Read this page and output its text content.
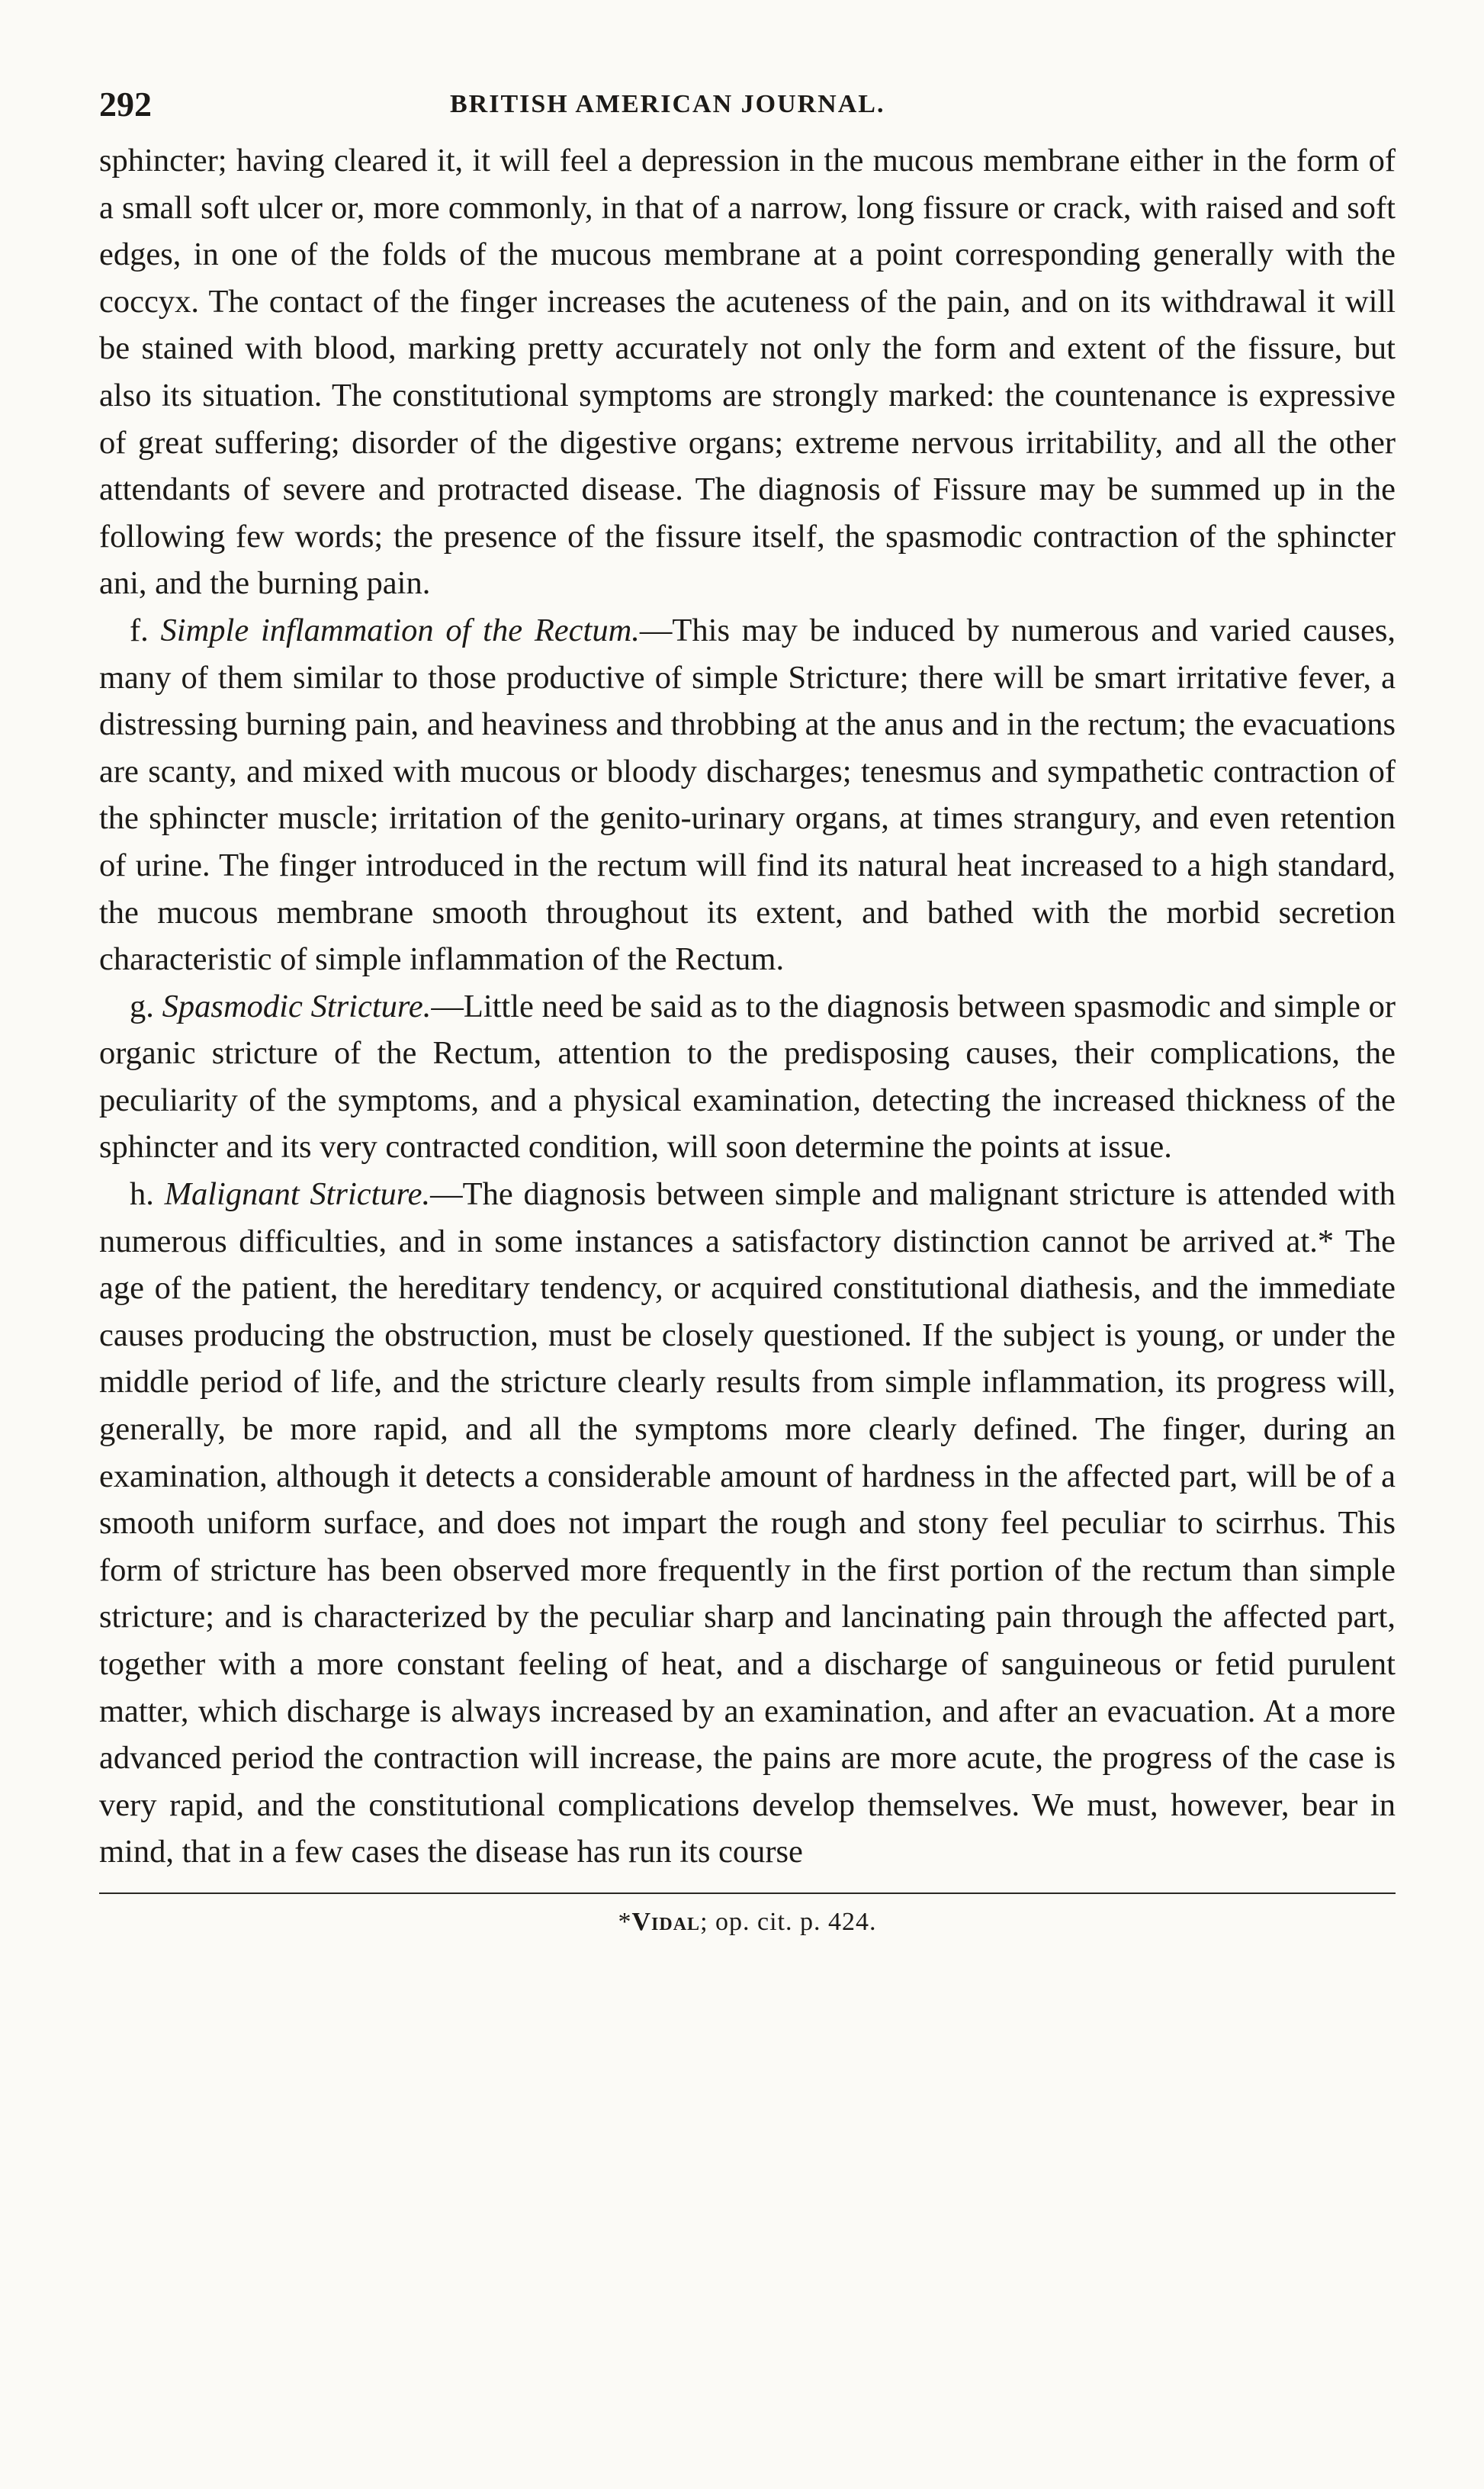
292	BRITISH AMERICAN JOURNAL.

sphincter; having cleared it, it will feel a depression in the mucous membrane either in the form of a small soft ulcer or, more commonly, in that of a narrow, long fissure or crack, with raised and soft edges, in one of the folds of the mucous membrane at a point corresponding generally with the coccyx. The contact of the finger increases the acuteness of the pain, and on its withdrawal it will be stained with blood, marking pretty accurately not only the form and extent of the fissure, but also its situation. The constitutional symptoms are strongly marked: the countenance is expressive of great suffering; disorder of the digestive organs; extreme nervous irritability, and all the other attendants of severe and protracted disease. The diagnosis of Fissure may be summed up in the following few words; the presence of the fissure itself, the spasmodic contraction of the sphincter ani, and the burning pain.

f. Simple inflammation of the Rectum.—This may be induced by numerous and varied causes, many of them similar to those productive of simple Stricture; there will be smart irritative fever, a distressing burning pain, and heaviness and throbbing at the anus and in the rectum; the evacuations are scanty, and mixed with mucous or bloody discharges; tenesmus and sympathetic contraction of the sphincter muscle; irritation of the genito-urinary organs, at times strangury, and even retention of urine. The finger introduced in the rectum will find its natural heat increased to a high standard, the mucous membrane smooth throughout its extent, and bathed with the morbid secretion characteristic of simple inflammation of the Rectum.

g. Spasmodic Stricture.—Little need be said as to the diagnosis between spasmodic and simple or organic stricture of the Rectum, attention to the predisposing causes, their complications, the peculiarity of the symptoms, and a physical examination, detecting the increased thickness of the sphincter and its very contracted condition, will soon determine the points at issue.

h. Malignant Stricture.—The diagnosis between simple and malignant stricture is attended with numerous difficulties, and in some instances a satisfactory distinction cannot be arrived at.* The age of the patient, the hereditary tendency, or acquired constitutional diathesis, and the immediate causes producing the obstruction, must be closely questioned. If the subject is young, or under the middle period of life, and the stricture clearly results from simple inflammation, its progress will, generally, be more rapid, and all the symptoms more clearly defined. The finger, during an examination, although it detects a considerable amount of hardness in the affected part, will be of a smooth uniform surface, and does not impart the rough and stony feel peculiar to scirrhus. This form of stricture has been observed more frequently in the first portion of the rectum than simple stricture; and is characterized by the peculiar sharp and lancinating pain through the affected part, together with a more constant feeling of heat, and a discharge of sanguineous or fetid purulent matter, which discharge is always increased by an examination, and after an evacuation. At a more advanced period the contraction will increase, the pains are more acute, the progress of the case is very rapid, and the constitutional complications develop themselves. We must, however, bear in mind, that in a few cases the disease has run its course

*Vidal; op. cit. p. 424.
